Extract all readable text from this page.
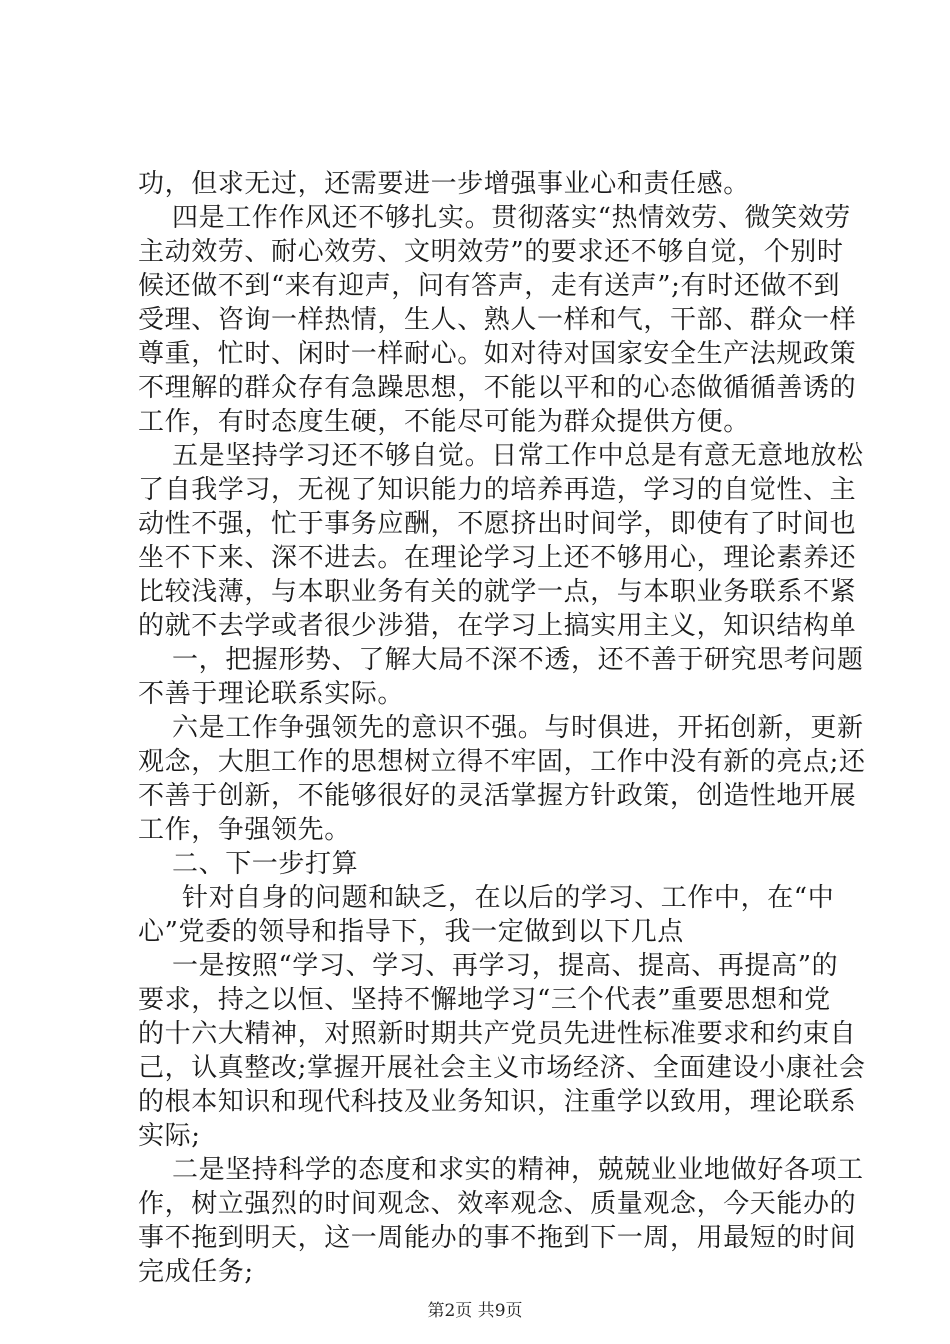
功，但求无过，还需要进一步增强事业心和责任感。
四是工作作风还不够扎实。贯彻落实“热情效劳、微笑效劳
主动效劳、耐心效劳、文明效劳”的要求还不够自觉，个别时
候还做不到“来有迎声，问有答声，走有送声”;有时还做不到
受理、咨询一样热情，生人、熟人一样和气，干部、群众一样
尊重，忙时、闲时一样耐心。如对待对国家安全生产法规政策
不理解的群众存有急躁思想，不能以平和的心态做循循善诱的
工作，有时态度生硬，不能尽可能为群众提供方便。
五是坚持学习还不够自觉。日常工作中总是有意无意地放松
了自我学习，无视了知识能力的培养再造，学习的自觉性、主
动性不强，忙于事务应酬，不愿挤出时间学，即使有了时间也
坐不下来、深不进去。在理论学习上还不够用心，理论素养还
比较浅薄，与本职业务有关的就学一点，与本职业务联系不紧
的就不去学或者很少涉猎，在学习上搞实用主义，知识结构单
一，把握形势、了解大局不深不透，还不善于研究思考问题
不善于理论联系实际。
六是工作争强领先的意识不强。与时俱进，开拓创新，更新
观念，大胆工作的思想树立得不牢固，工作中没有新的亮点;还
不善于创新，不能够很好的灵活掌握方针政策，创造性地开展
工作，争强领先。
二、下一步打算
针对自身的问题和缺乏，在以后的学习、工作中，在“中
心”党委的领导和指导下，我一定做到以下几点
一是按照“学习、学习、再学习，提高、提高、再提高”的
要求，持之以恒、坚持不懈地学习“三个代表”重要思想和党
的十六大精神，对照新时期共产党员先进性标准要求和约束自
己，认真整改;掌握开展社会主义市场经济、全面建设小康社会
的根本知识和现代科技及业务知识，注重学以致用，理论联系
实际;
二是坚持科学的态度和求实的精神，兢兢业业地做好各项工
作，树立强烈的时间观念、效率观念、质量观念，今天能办的
事不拖到明天，这一周能办的事不拖到下一周，用最短的时间
完成任务;
第2页 共9页
